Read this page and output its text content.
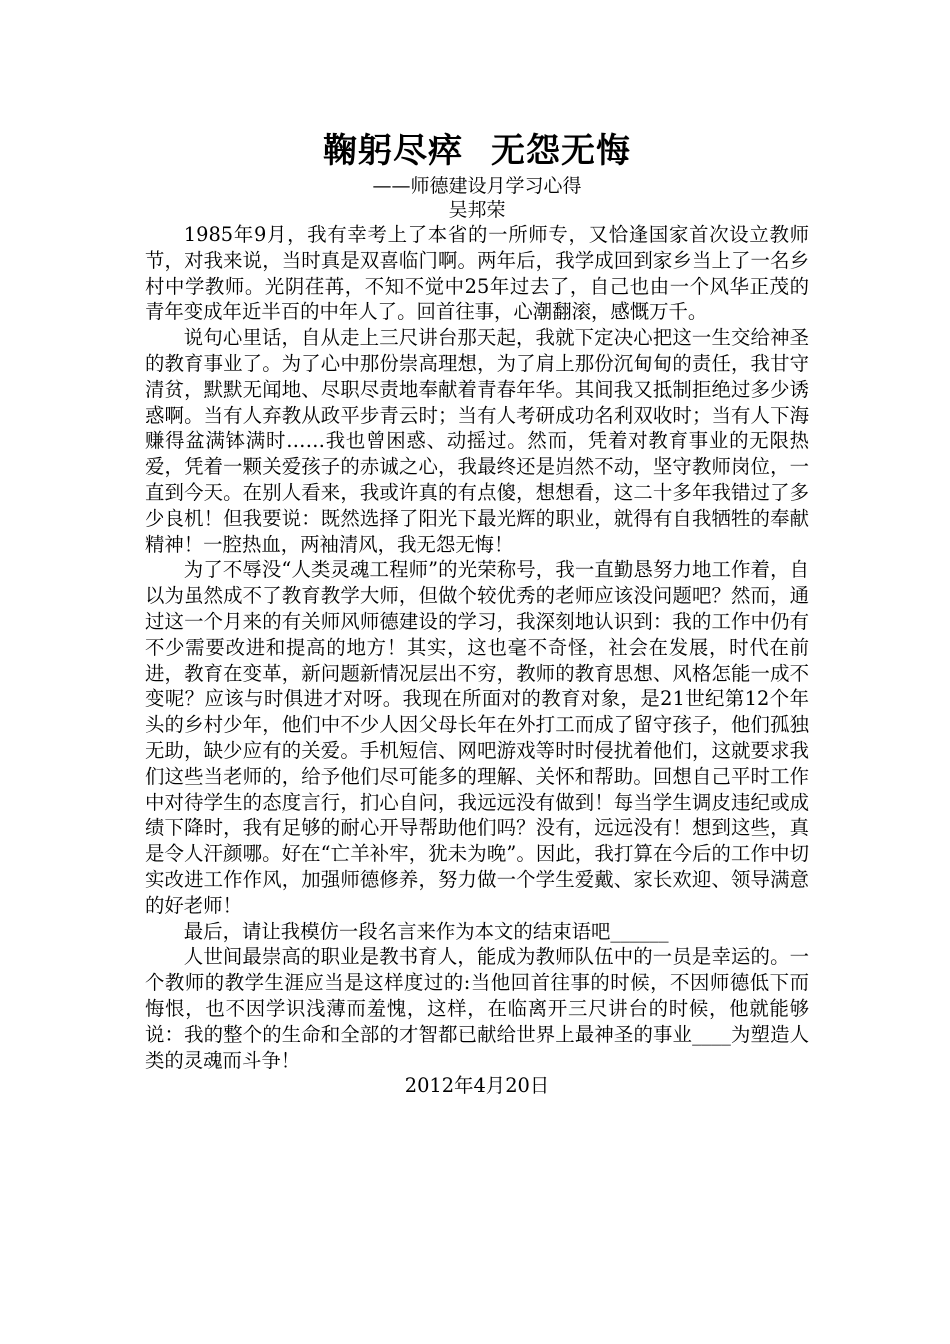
鞠躬尽瘁 无怨无悔

——师德建设月学习心得

吴邦荣

1985年9月，我有幸考上了本省的一所师专，又恰逢国家首次设立教师节，对我来说，当时真是双喜临门啊。两年后，我学成回到家乡当上了一名乡村中学教师。光阴荏苒，不知不觉中25年过去了，自己也由一个风华正茂的青年变成年近半百的中年人了。回首往事，心潮翻滚，感慨万千。

说句心里话，自从走上三尺讲台那天起，我就下定决心把这一生交给神圣的教育事业了。为了心中那份崇高理想，为了肩上那份沉甸甸的责任，我甘守清贫，默默无闻地、尽职尽责地奉献着青春年华。其间我又抵制拒绝过多少诱惑啊。当有人弃教从政平步青云时；当有人考研成功名利双收时；当有人下海赚得盆满钵满时……我也曾困惑、动摇过。然而，凭着对教育事业的无限热爱，凭着一颗关爱孩子的赤诚之心，我最终还是岿然不动，坚守教师岗位，一直到今天。在别人看来，我或许真的有点傻，想想看，这二十多年我错过了多少良机！但我要说：既然选择了阳光下最光辉的职业，就得有自我牺牲的奉献精神！一腔热血，两袖清风，我无怨无悔！

为了不辱没“人类灵魂工程师”的光荣称号，我一直勤恳努力地工作着，自以为虽然成不了教育教学大师，但做个较优秀的老师应该没问题吧？然而，通过这一个月来的有关师风师德建设的学习，我深刻地认识到：我的工作中仍有不少需要改进和提高的地方！其实，这也毫不奇怪，社会在发展，时代在前进，教育在变革，新问题新情况层出不穷，教师的教育思想、风格怎能一成不变呢？应该与时俱进才对呀。我现在所面对的教育对象，是21世纪第12个年头的乡村少年，他们中不少人因父母长年在外打工而成了留守孩子，他们孤独无助，缺少应有的关爱。手机短信、网吧游戏等时时侵扰着他们，这就要求我们这些当老师的，给予他们尽可能多的理解、关怀和帮助。回想自己平时工作中对待学生的态度言行，扪心自问，我远远没有做到！每当学生调皮违纪或成绩下降时，我有足够的耐心开导帮助他们吗？没有，远远没有！想到这些，真是令人汗颜哪。好在“亡羊补牢，犹未为晚”。因此，我打算在今后的工作中切实改进工作作风，加强师德修养，努力做一个学生爱戴、家长欢迎、领导满意的好老师！

最后，请让我模仿一段名言来作为本文的结束语吧______

人世间最崇高的职业是教书育人，能成为教师队伍中的一员是幸运的。一个教师的教学生涯应当是这样度过的:当他回首往事的时候，不因师德低下而悔恨，也不因学识浅薄而羞愧，这样，在临离开三尺讲台的时候，他就能够说：我的整个的生命和全部的才智都已献给世界上最神圣的事业____为塑造人类的灵魂而斗争！

2012年4月20日
